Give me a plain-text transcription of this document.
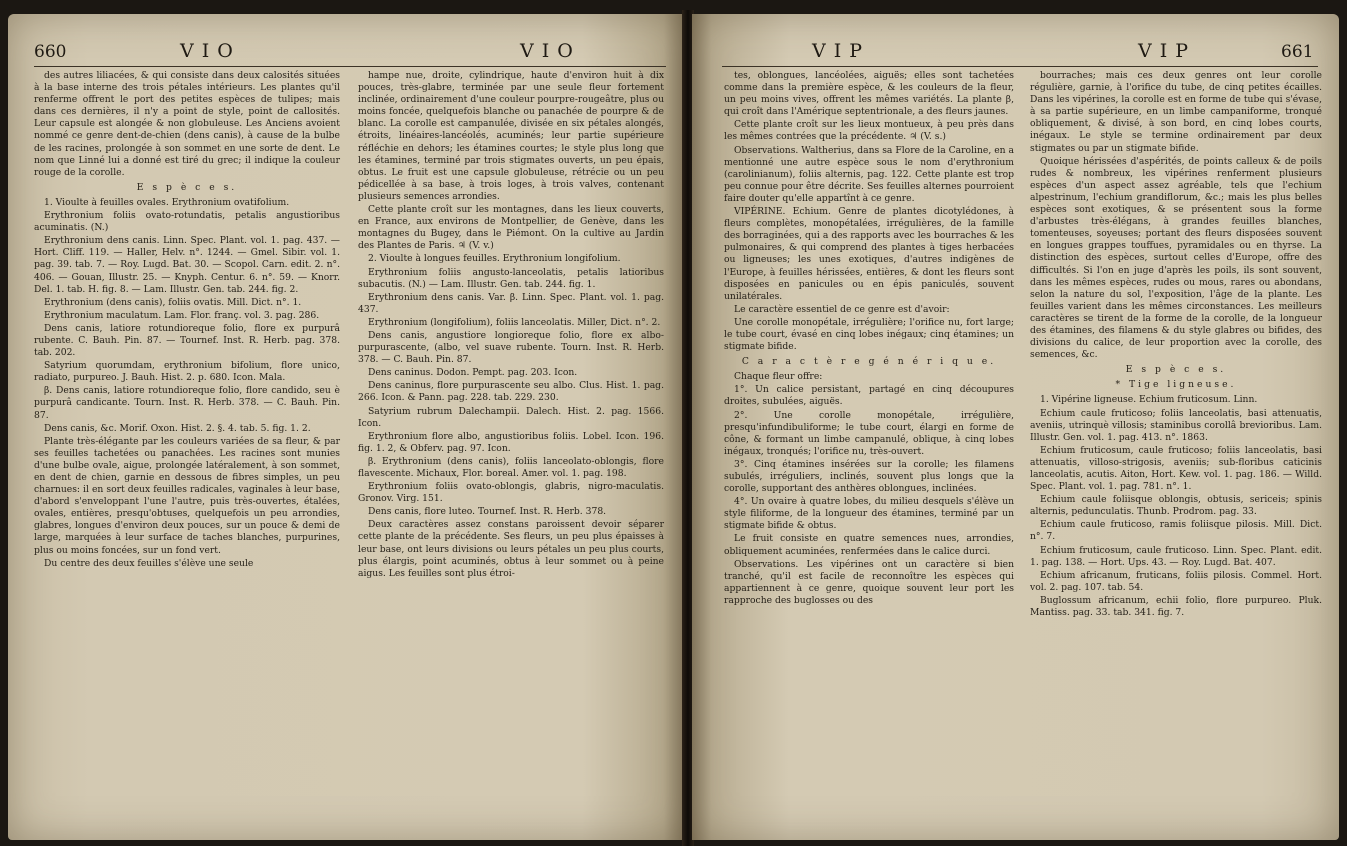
660	V I O	V I O	V I P	V I P	661

des autres liliacées, & qui consiste dans deux calosités situées à la base interne des trois pétales intérieurs. Les plantes qu'il renferme offrent le port des petites espèces de tulipes; mais dans ces dernières, il n'y a point de style, point de callosités. Leur capsule est alongée & non globuleuse. Les Anciens avoient nommé ce genre dent-de-chien (dens canis), à cause de la bulbe de les racines, prolongée à son sommet en une sorte de dent. Le nom que Linné lui a donné est tiré du grec; il indique la couleur rouge de la corolle.

E s p è c e s.

1. Vioulte à feuilles ovales. Erythronium ovatifolium.

Erythronium foliis ovato-rotundatis, petalis angustioribus acuminatis. (N.)

Erythronium dens canis. Linn. Spec. Plant. vol. 1. pag. 437. — Hort. Cliff. 119. — Haller, Helv. n°. 1244. — Gmel. Sibir. vol. 1. pag. 39. tab. 7. — Roy. Lugd. Bat. 30. — Scopol. Carn. edit. 2. n°. 406. — Gouan, Illustr. 25. — Knyph. Centur. 6. n°. 59. — Knorr. Del. 1. tab. H. fig. 8. — Lam. Illustr. Gen. tab. 244. fig. 2.

Erythronium (dens canis), foliis ovatis. Mill. Dict. n°. 1.

Erythronium maculatum. Lam. Flor. franç. vol. 3. pag. 286.

Dens canis, latiore rotundioreque folio, flore ex purpurâ rubente. C. Bauh. Pin. 87. — Tournef. Inst. R. Herb. pag. 378. tab. 202.

Satyrium quorumdam, erythronium bifolium, flore unico, radiato, purpureo. J. Bauh. Hist. 2. p. 680. Icon. Mala.

β. Dens canis, latiore rotundioreque folio, flore candido, seu è purpurâ candicante. Tourn. Inst. R. Herb. 378. — C. Bauh. Pin. 87.

Dens canis, &c. Morif. Oxon. Hist. 2. §. 4. tab. 5. fig. 1. 2.

Plante très-élégante par les couleurs variées de sa fleur, & par ses feuilles tachetées ou panachées. Les racines sont munies d'une bulbe ovale, aigue, prolongée latéralement, à son sommet, en dent de chien, garnie en dessous de fibres simples, un peu charnues: il en sort deux feuilles radicales, vaginales à leur base, d'abord s'enveloppant l'une l'autre, puis très-ouvertes, étalées, ovales, entières, presqu'obtuses, quelquefois un peu arrondies, glabres, longues d'environ deux pouces, sur un pouce & demi de large, marquées à leur surface de taches blanches, purpurines, plus ou moins foncées, sur un fond vert.

Du centre des deux feuilles s'élève une seule

hampe nue, droite, cylindrique, haute d'environ huit à dix pouces, très-glabre, terminée par une seule fleur fortement inclinée, ordinairement d'une couleur pourpre-rougeâtre, plus ou moins foncée, quelquefois blanche ou panachée de pourpre & de blanc. La corolle est campanulée, divisée en six pétales alongés, étroits, linéaires-lancéolés, acuminés; leur partie supérieure réfléchie en dehors; les étamines courtes; le style plus long que les étamines, terminé par trois stigmates ouverts, un peu épais, obtus. Le fruit est une capsule globuleuse, rétrécie ou un peu pédicellée à sa base, à trois loges, à trois valves, contenant plusieurs semences arrondies.

Cette plante croît sur les montagnes, dans les lieux couverts, en France, aux environs de Montpellier, de Genève, dans les montagnes du Bugey, dans le Piémont. On la cultive au Jardin des Plantes de Paris. ♃ (V. v.)

2. Vioulte à longues feuilles. Erythronium longifolium.

Erythronium foliis angusto-lanceolatis, petalis latioribus subacutis. (N.) — Lam. Illustr. Gen. tab. 244. fig. 1.

Erythronium dens canis. Var. β. Linn. Spec. Plant. vol. 1. pag. 437.

Erythronium (longifolium), foliis lanceolatis. Miller, Dict. n°. 2.

Dens canis, angustiore longioreque folio, flore ex albo-purpurascente, (albo, vel suave rubente. Tourn. Inst. R. Herb. 378. — C. Bauh. Pin. 87.

Dens caninus. Dodon. Pempt. pag. 203. Icon.

Dens caninus, flore purpurascente seu albo. Clus. Hist. 1. pag. 266. Icon. & Pann. pag. 228. tab. 229. 230.

Satyrium rubrum Dalechampii. Dalech. Hist. 2. pag. 1566. Icon.

Erythronium flore albo, angustioribus foliis. Lobel. Icon. 196. fig. 1. 2, & Obferv. pag. 97. Icon.

β. Erythronium (dens canis), foliis lanceolato-oblongis, flore flavescente. Michaux, Flor. boreal. Amer. vol. 1. pag. 198.

Erythronium foliis ovato-oblongis, glabris, nigro-maculatis. Gronov. Virg. 151.

Dens canis, flore luteo. Tournef. Inst. R. Herb. 378.

Deux caractères assez constans paroissent devoir séparer cette plante de la précédente. Ses fleurs, un peu plus épaisses à leur base, ont leurs divisions ou leurs pétales un peu plus courts, plus élargis, point acuminés, obtus à leur sommet ou à peine aigus. Les feuilles sont plus étroi-

tes, oblongues, lancéolées, aiguës; elles sont tachetées comme dans la première espèce, & les couleurs de la fleur, un peu moins vives, offrent les mêmes variétés. La plante β, qui croît dans l'Amérique septentrionale, a des fleurs jaunes.

Cette plante croît sur les lieux montueux, à peu près dans les mêmes contrées que la précédente. ♃ (V. s.)

Observations. Waltherius, dans sa Flore de la Caroline, en a mentionné une autre espèce sous le nom d'erythronium (carolinianum), foliis alternis, pag. 122. Cette plante est trop peu connue pour être décrite. Ses feuilles alternes pourroient faire douter qu'elle appartînt à ce genre.

VIPÉRINE. Echium. Genre de plantes dicotylédones, à fleurs complètes, monopétalées, irrégulières, de la famille des borraginées, qui a des rapports avec les bourraches & les pulmonaires, & qui comprend des plantes à tiges herbacées ou ligneuses; les unes exotiques, d'autres indigènes de l'Europe, à feuilles hérissées, entières, & dont les fleurs sont disposées en panicules ou en épis paniculés, souvent unilatérales.

Le caractère essentiel de ce genre est d'avoir:

Une corolle monopétale, irrégulière; l'orifice nu, fort large; le tube court, évasé en cinq lobes inégaux; cinq étamines; un stigmate bifide.

C a r a c t è r e g é n é r i q u e.

Chaque fleur offre:

1°. Un calice persistant, partagé en cinq découpures droites, subulées, aiguës.

2°. Une corolle monopétale, irrégulière, presqu'infundibuliforme; le tube court, élargi en forme de cône, & formant un limbe campanulé, oblique, à cinq lobes inégaux, tronqués; l'orifice nu, très-ouvert.

3°. Cinq étamines insérées sur la corolle; les filamens subulés, irréguliers, inclinés, souvent plus longs que la corolle, supportant des anthères oblongues, inclinées.

4°. Un ovaire à quatre lobes, du milieu desquels s'élève un style filiforme, de la longueur des étamines, terminé par un stigmate bifide & obtus.

Le fruit consiste en quatre semences nues, arrondies, obliquement acuminées, renfermées dans le calice durci.

Observations. Les vipérines ont un caractère si bien tranché, qu'il est facile de reconnoître les espèces qui appartiennent à ce genre, quoique souvent leur port les rapproche des buglosses ou des

bourraches; mais ces deux genres ont leur corolle régulière, garnie, à l'orifice du tube, de cinq petites écailles. Dans les vipérines, la corolle est en forme de tube qui s'évase, à sa partie supérieure, en un limbe campaniforme, tronqué obliquement, & divisé, à son bord, en cinq lobes courts, inégaux. Le style se termine ordinairement par deux stigmates ou par un stigmate bifide.

Quoique hérissées d'aspérités, de points calleux & de poils rudes & nombreux, les vipérines renferment plusieurs espèces d'un aspect assez agréable, tels que l'echium alpestrinum, l'echium grandiflorum, &c.; mais les plus belles espèces sont exotiques, & se présentent sous la forme d'arbustes très-élégans, à grandes feuilles blanches, tomenteuses, soyeuses; portant des fleurs disposées souvent en longues grappes touffues, pyramidales ou en thyrse. La distinction des espèces, surtout celles d'Europe, offre des difficultés. Si l'on en juge d'après les poils, ils sont souvent, dans les mêmes espèces, rudes ou mous, rares ou abondans, selon la nature du sol, l'exposition, l'âge de la plante. Les feuilles varient dans les mêmes circonstances. Les meilleurs caractères se tirent de la forme de la corolle, de la longueur des étamines, des filamens & du style glabres ou bifides, des divisions du calice, de leur proportion avec la corolle, des semences, &c.

E s p è c e s.

* Tige ligneuse.

1. Vipérine ligneuse. Echium fruticosum. Linn.

Echium caule fruticoso; foliis lanceolatis, basi attenuatis, aveniis, utrinquè villosis; staminibus corollâ brevioribus. Lam. Illustr. Gen. vol. 1. pag. 413. n°. 1863.

Echium fruticosum, caule fruticoso; foliis lanceolatis, basi attenuatis, villoso-strigosis, aveniis; sub-floribus caticinis lanceolatis, acutis. Aiton, Hort. Kew. vol. 1. pag. 186. — Willd. Spec. Plant. vol. 1. pag. 781. n°. 1.

Echium caule foliisque oblongis, obtusis, sericeis; spinis alternis, pedunculatis. Thunb. Prodrom. pag. 33.

Echium caule fruticoso, ramis foliisque pilosis. Mill. Dict. n°. 7.

Echium fruticosum, caule fruticoso. Linn. Spec. Plant. edit. 1. pag. 138. — Hort. Ups. 43. — Roy. Lugd. Bat. 407.

Echium africanum, fruticans, foliis pilosis. Commel. Hort. vol. 2. pag. 107. tab. 54.

Buglossum africanum, echii folio, flore purpureo. Pluk. Mantiss. pag. 33. tab. 341. fig. 7.
